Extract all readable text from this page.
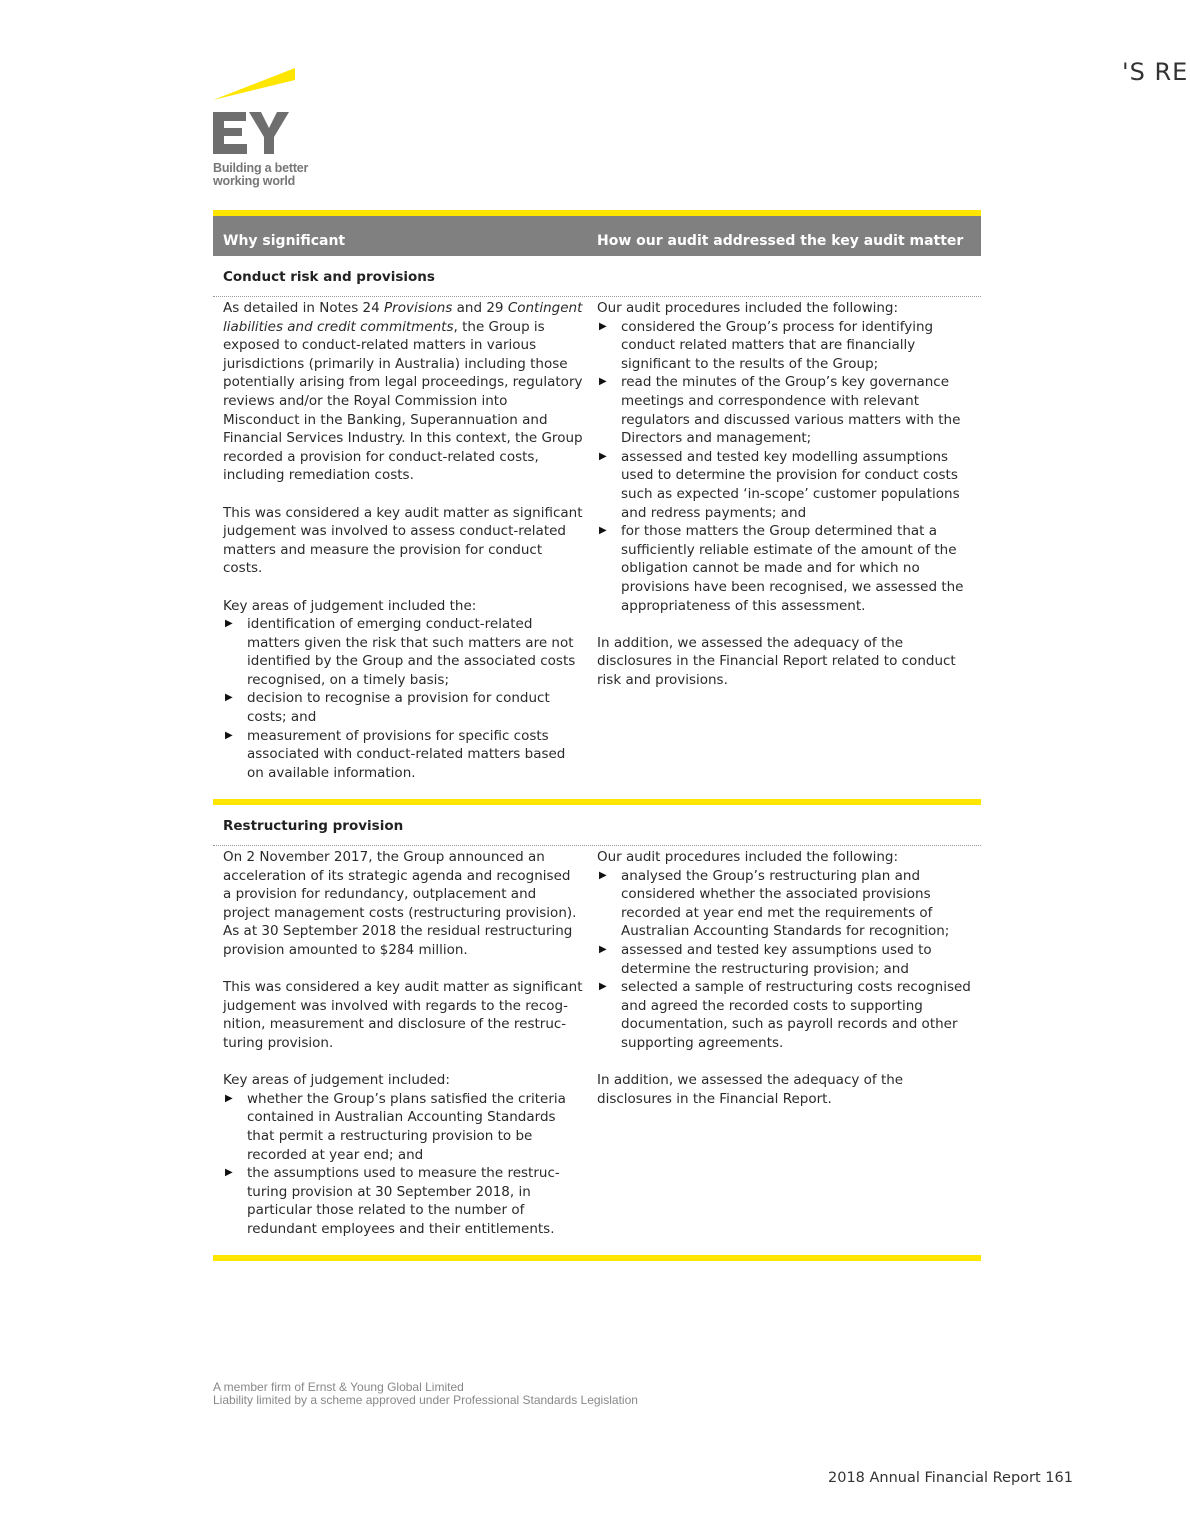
'S RE
Building a better
working world
Why significant	How our audit addressed the key audit matter
Conduct risk and provisions

As detailed in Notes 24 Provisions and 29 Contingent liabilities and credit commitments, the Group is exposed to conduct-related matters in various jurisdictions (primarily in Australia) including those potentially arising from legal proceedings, regulatory reviews and/or the Royal Commission into Misconduct in the Banking, Superannuation and Financial Services Industry. In this context, the Group recorded a provision for conduct-related costs, including remediation costs.

This was considered a key audit matter as significant judgement was involved to assess conduct-related matters and measure the provision for conduct costs.

Key areas of judgement included the:

▶ identification of emerging conduct-related matters given the risk that such matters are not identified by the Group and the associated costs recognised, on a timely basis;
▶ decision to recognise a provision for conduct costs; and
▶ measurement of provisions for specific costs associated with conduct-related matters based on available information.

Our audit procedures included the following:

▶ considered the Group’s process for identifying conduct related matters that are financially significant to the results of the Group;
▶ read the minutes of the Group’s key governance meetings and correspondence with relevant regulators and discussed various matters with the Directors and management;
▶ assessed and tested key modelling assumptions used to determine the provision for conduct costs such as expected ‘in-scope’ customer populations and redress payments; and
▶ for those matters the Group determined that a sufficiently reliable estimate of the amount of the obligation cannot be made and for which no provisions have been recognised, we assessed the appropriateness of this assessment.

In addition, we assessed the adequacy of the disclosures in the Financial Report related to conduct risk and provisions.

Restructuring provision

On 2 November 2017, the Group announced an acceleration of its strategic agenda and recognised a provision for redundancy, outplacement and project management costs (restructuring provision). As at 30 September 2018 the residual restructuring provision amounted to $284 million.

This was considered a key audit matter as significant judgement was involved with regards to the recog-nition, measurement and disclosure of the restruc-turing provision.

Key areas of judgement included:

▶ whether the Group’s plans satisfied the criteria contained in Australian Accounting Standards that permit a restructuring provision to be recorded at year end; and
▶ the assumptions used to measure the restruc-turing provision at 30 September 2018, in particular those related to the number of redundant employees and their entitlements.

Our audit procedures included the following:

▶ analysed the Group’s restructuring plan and considered whether the associated provisions recorded at year end met the requirements of Australian Accounting Standards for recognition;
▶ assessed and tested key assumptions used to determine the restructuring provision; and
▶ selected a sample of restructuring costs recognised and agreed the recorded costs to supporting documentation, such as payroll records and other supporting agreements.

In addition, we assessed the adequacy of the disclosures in the Financial Report.

A member firm of Ernst & Young Global Limited
Liability limited by a scheme approved under Professional Standards Legislation
2018 Annual Financial Report 161
